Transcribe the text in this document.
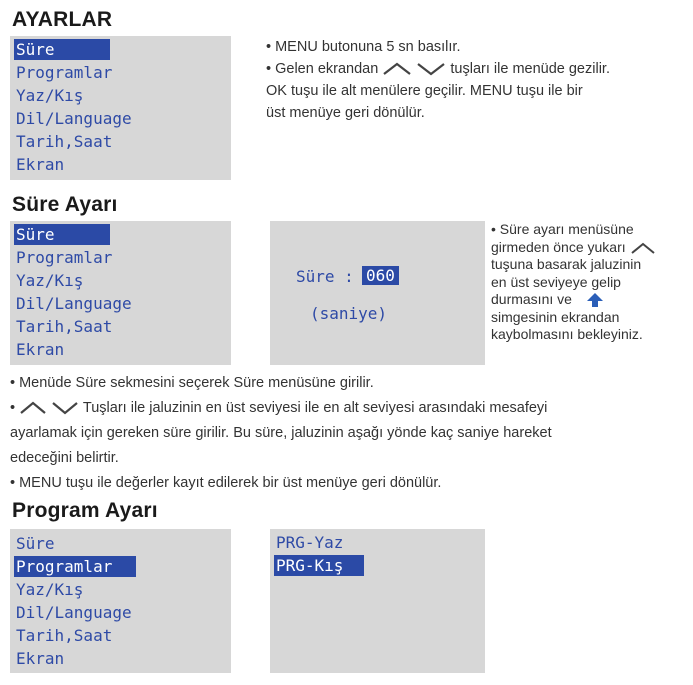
AYARLAR
Süre
Programlar
Yaz/Kış
Dil/Language
Tarih,Saat
Ekran
• MENU butonuna 5 sn basılır.
• Gelen ekrandan	tuşları ile menüde gezilir.
OK tuşu ile alt menülere geçilir. MENU tuşu ile bir
üst menüye geri dönülür.
Süre Ayarı
Süre
Programlar
Yaz/Kış
Dil/Language
Tarih,Saat
Ekran
Süre : 060
(saniye)
• Süre ayarı menüsüne
girmeden önce yukarı
tuşuna basarak jaluzinin
en üst seviyeye gelip
durmasını ve
simgesinin ekrandan
kaybolmasını bekleyiniz.
• Menüde Süre sekmesini seçerek Süre menüsüne girilir.
•	Tuşları ile jaluzinin en üst seviyesi ile en alt seviyesi arasındaki mesafeyi
ayarlamak için gereken süre girilir. Bu süre, jaluzinin aşağı yönde kaç saniye hareket
edeceğini belirtir.
• MENU tuşu ile değerler kayıt edilerek bir üst menüye geri dönülür.
Program Ayarı
Süre
Programlar
Yaz/Kış
Dil/Language
Tarih,Saat
Ekran
PRG-Yaz
PRG-Kış
